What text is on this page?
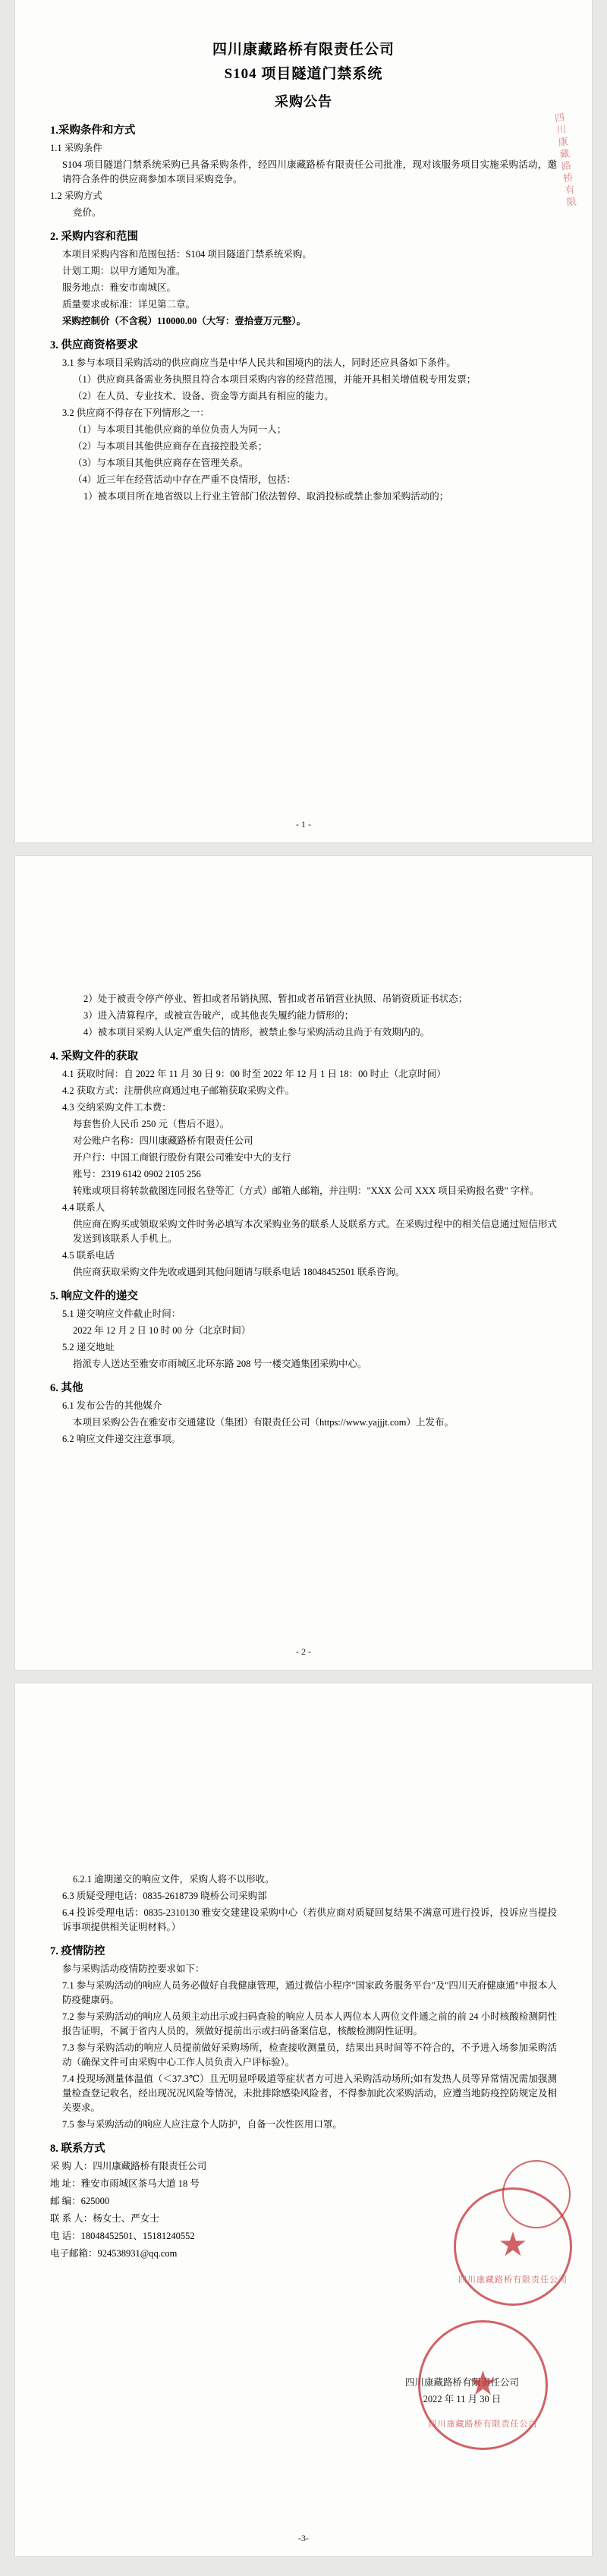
四川康藏路桥有限责任公司
S104 项目隧道门禁系统
采购公告
1.采购条件和方式

1.1 采购条件

S104 项目隧道门禁系统采购已具备采购条件，经四川康藏路桥有限责任公司批准，现对该服务项目实施采购活动，邀请符合条件的供应商参加本项目采购竞争。

1.2 采购方式

竞价。

2. 采购内容和范围

本项目采购内容和范围包括：S104 项目隧道门禁系统采购。

计划工期：以甲方通知为准。

服务地点：雅安市南城区。

质量要求或标准：详见第二章。

采购控制价（不含税）110000.00（大写：壹拾壹万元整）。

3. 供应商资格要求

3.1 参与本项目采购活动的供应商应当是中华人民共和国境内的法人，同时还应具备如下条件。

（1）供应商具备需业务执照且符合本项目采购内容的经营范围，并能开具相关增值税专用发票；

（2）在人员、专业技术、设备、资金等方面具有相应的能力。

3.2 供应商不得存在下列情形之一：

（1）与本项目其他供应商的单位负责人为同一人；

（2）与本项目其他供应商存在直接控股关系；

（3）与本项目其他供应商存在管理关系。

（4）近三年在经营活动中存在严重不良情形，包括：

1）被本项目所在地省级以上行业主管部门依法暂停、取消投标或禁止参加采购活动的；

四川康藏路桥有限
- 1 -

2）处于被责令停产停业、暂扣或者吊销执照、暂扣或者吊销营业执照、吊销资质证书状态；

3）进入清算程序，或被宣告破产，或其他丧失履约能力情形的；

4）被本项目采购人认定严重失信的情形，被禁止参与采购活动且尚于有效期内的。

4. 采购文件的获取

4.1 获取时间：自 2022 年 11 月 30 日 9：00 时至 2022 年 12 月 1 日 18：00 时止（北京时间）

4.2 获取方式：注册供应商通过电子邮箱获取采购文件。

4.3 交纳采购文件工本费：

每套售价人民币 250 元（售后不退）。

对公账户名称：四川康藏路桥有限责任公司

开户行：中国工商银行股份有限公司雅安中大的支行

账号：2319 6142 0902 2105 256

转账或项目将转款截图连同报名登等汇（方式）邮箱人邮箱，并注明："XXX 公司 XXX 项目采购报名费" 字样。

4.4 联系人

供应商在购买或领取采购文件时务必填写本次采购业务的联系人及联系方式。在采购过程中的相关信息通过短信形式发送到该联系人手机上。

4.5 联系电话

供应商获取采购文件先收或遇到其他问题请与联系电话 18048452501 联系咨询。

5. 响应文件的递交

5.1 递交响应文件截止时间：

2022 年 12 月 2 日 10 时 00 分（北京时间）

5.2 递交地址

指派专人送达至雅安市雨城区北环东路 208 号一楼交通集团采购中心。

6. 其他

6.1 发布公告的其他媒介

本项目采购公告在雅安市交通建设（集团）有限责任公司（https://www.yajjjt.com）上发布。

6.2 响应文件递交注意事项。

- 2 -

6.2.1 逾期递交的响应文件，采购人将不以形收。

6.3 质疑受理电话：0835-2618739 晓桥公司采购部

6.4 投诉受理电话：0835-2310130 雅安交建建设采购中心（若供应商对质疑回复结果不满意可进行投诉，投诉应当提投诉事项提供相关证明材料。）

7. 疫情防控

参与采购活动疫情防控要求如下：

7.1 参与采购活动的响应人员务必做好自我健康管理，通过微信小程序"国家政务服务平台"及"四川天府健康通"申报本人防疫健康码。

7.2 参与采购活动的响应人员须主动出示或扫码查验的响应人员本人两位本人两位文件通之前的前 24 小时核酸检测阴性报告证明，不属于省内人员的，须做好提前出示或扫码备案信息，核酸检测阴性证明。

7.3 参与采购活动的响应人员提前做好采购场所，检查接收测量员，结果出具时间等不符合的，不予进入场参加采购活动（确保文件可由采购中心工作人员负责入户评标验）。

7.4 投现场测量体温值（＜37.3℃）且无明显呼吸道等症状者方可进入采购活动场所;如有发热人员等异常情况需加强测量检查登记收名，经出现况况风险等情况，未批排除感染风险者，不得参加此次采购活动，应遵当地防疫控防规定及相关要求。

7.5 参与采购活动的响应人应注意个人防护，自备一次性医用口罩。

8. 联系方式

采 购 人：四川康藏路桥有限责任公司

地 址：雅安市雨城区茶马大道 18 号

邮 编：625000

联 系 人：杨女士、严女士

电 话：18048452501、15181240552

电子邮箱：924538931@qq.com	★
四川康藏路桥有限责任公司
四川康藏路桥有限责任公司
2022 年 11 月 30 日
★
四川康藏路桥有限责任公司
-3-
